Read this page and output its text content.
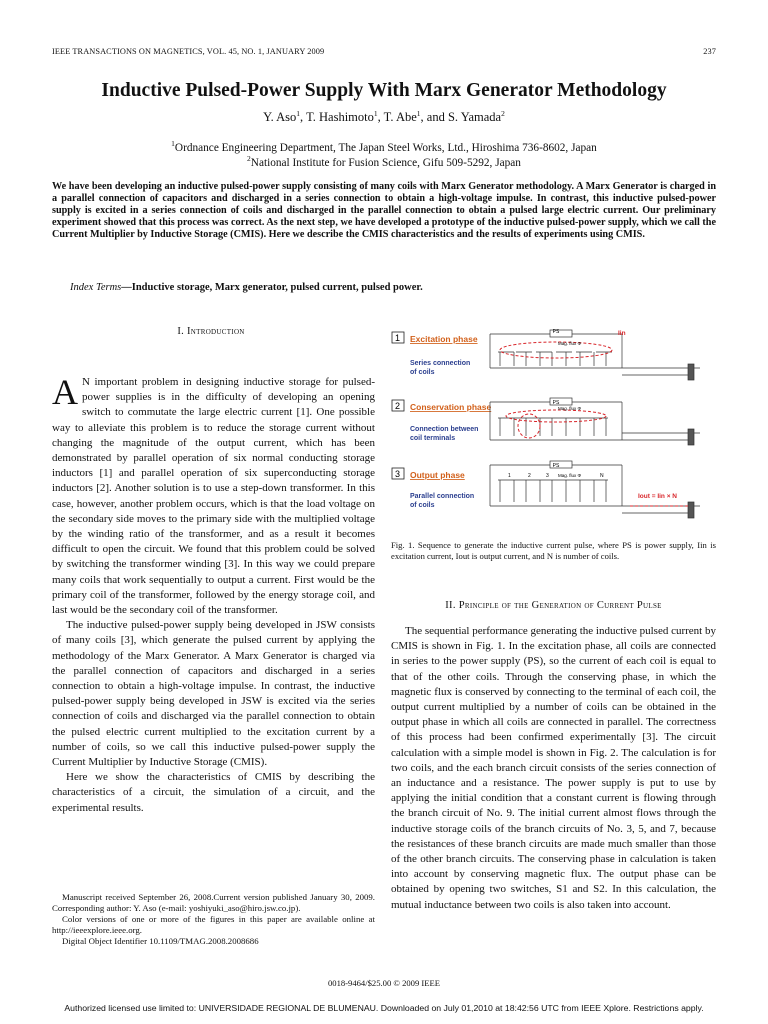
IEEE TRANSACTIONS ON MAGNETICS, VOL. 45, NO. 1, JANUARY 2009	237
Inductive Pulsed-Power Supply With Marx Generator Methodology
Y. Aso$^1$, T. Hashimoto$^1$, T. Abe$^1$, and S. Yamada$^2$
$^1$Ordnance Engineering Department, The Japan Steel Works, Ltd., Hiroshima 736-8602, Japan
$^2$National Institute for Fusion Science, Gifu 509-5292, Japan
We have been developing an inductive pulsed-power supply consisting of many coils with Marx Generator methodology. A Marx Generator is charged in a parallel connection of capacitors and discharged in a series connection to obtain a high-voltage impulse. In contrast, this inductive pulsed-power supply is excited in a series connection of coils and discharged in the parallel connection to obtain a pulsed large electric current. Our preliminary experiment showed that this process was correct. As the next step, we have developed a prototype of the inductive pulsed-power supply, which we call the Current Multiplier by Inductive Storage (CMIS). Here we describe the CMIS characteristics and the results of experiments using CMIS.
Index Terms—Inductive storage, Marx generator, pulsed current, pulsed power.
I. Introduction

A N important problem in designing inductive storage for pulsed-power supplies is in the difficulty of developing an opening switch to commutate the large electric current [1]. One possible way to alleviate this problem is to reduce the storage current without changing the magnitude of the output current, which has been demonstrated by parallel operation of six normal conducting storage inductors [1] and parallel operation of six superconducting storage inductors [2]. Another solution is to use a step-down transformer. In this case, however, another problem occurs, which is that the load voltage on the secondary side moves to the primary side with the multiplied voltage by the winding ratio of the transformer, and as a result it becomes difficult to open the circuit. We found that this problem could be solved by switching the transformer winding [3]. In this way we could prepare many coils that work sequentially to output a current. First would be the primary coil of the transformer, followed by the energy storage coil, and last would be the secondary coil of the transformer.

The inductive pulsed-power supply being developed in JSW consists of many coils [3], which generate the pulsed current by applying the methodology of the Marx Generator. A Marx Generator is charged via the parallel connection of capacitors and discharged in a series connection to obtain a high-voltage impulse. In contrast, the inductive pulsed-power supply being developed in JSW is excited via the series connection of coils and discharged via the parallel connection to obtain the pulsed electric current multiplied to the excitation current by a number of coils, so we call this inductive pulsed-power supply the Current Multiplier by Inductive Storage (CMIS).

Here we show the characteristics of CMIS by describing the characteristics of a circuit, the simulation of a circuit, and the experimental results.

Manuscript received September 26, 2008.Current version published January 30, 2009. Corresponding author: Y. Aso (e-mail: yoshiyuki_aso@hiro.jsw.co.jp).

Color versions of one or more of the figures in this paper are available online at http://ieeexplore.ieee.org.

Digital Object Identifier 10.1109/TMAG.2008.2008686

1 Excitation phase
Series connection
of coils
2 Conservation phase
Connection between
coil terminals
3 Output phase
Parallel connection
of coils
PS	Iin
Mag. flux Φ
PS
Mag. flux Φ
PS
Mag. flux Φ
1	2	3	N
Iout = Iin × N
Fig. 1. Sequence to generate the inductive current pulse, where PS is power supply, Iin is excitation current, Iout is output current, and N is number of coils.
II. Principle of the Generation of Current Pulse

The sequential performance generating the inductive pulsed current by CMIS is shown in Fig. 1. In the excitation phase, all coils are connected in series to the power supply (PS), so the current of each coil is equal to that of the other coils. Through the conserving phase, in which the magnetic flux is conserved by connecting to the terminal of each coil, the output current multiplied by a number of coils can be obtained in the output phase in which all coils are connected in parallel. The correctness of this process had been confirmed experimentally [3]. The circuit calculation with a simple model is shown in Fig. 2. The calculation is for two coils, and the each branch circuit consists of the series connection of an inductance and a resistance. The power supply is put to use by applying the initial condition that a constant current is flowing through the branch circuit of No. 9. The initial current almost flows through the inductive storage coils of the branch circuits of No. 3, 5, and 7, because the resistances of these branch circuits are made much smaller than those of the other branch circuits. The conserving phase in calculation is taken into account by conserving magnetic flux. The output phase can be obtained by opening two switches, S1 and S2. In this calculation, the mutual inductance between two coils is also taken into account.

0018-9464/$25.00 © 2009 IEEE
Authorized licensed use limited to: UNIVERSIDADE REGIONAL DE BLUMENAU. Downloaded on July 01,2010 at 18:42:56 UTC from IEEE Xplore. Restrictions apply.
